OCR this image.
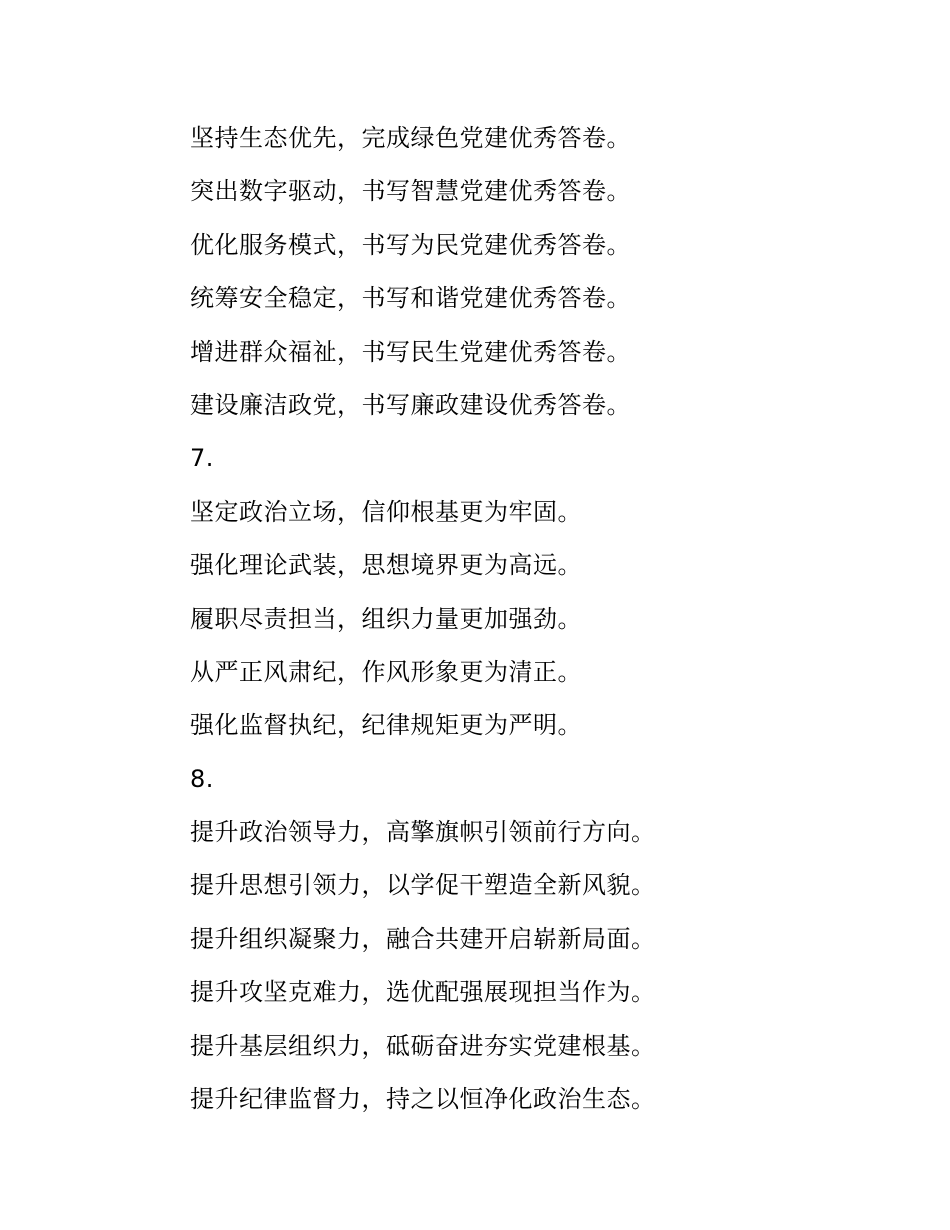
坚持生态优先，完成绿色党建优秀答卷。
突出数字驱动，书写智慧党建优秀答卷。
优化服务模式，书写为民党建优秀答卷。
统筹安全稳定，书写和谐党建优秀答卷。
增进群众福祉，书写民生党建优秀答卷。
建设廉洁政党，书写廉政建设优秀答卷。
7.
坚定政治立场，信仰根基更为牢固。
强化理论武装，思想境界更为高远。
履职尽责担当，组织力量更加强劲。
从严正风肃纪，作风形象更为清正。
强化监督执纪，纪律规矩更为严明。
8.
提升政治领导力，高擎旗帜引领前行方向。
提升思想引领力，以学促干塑造全新风貌。
提升组织凝聚力，融合共建开启崭新局面。
提升攻坚克难力，选优配强展现担当作为。
提升基层组织力，砥砺奋进夯实党建根基。
提升纪律监督力，持之以恒净化政治生态。
